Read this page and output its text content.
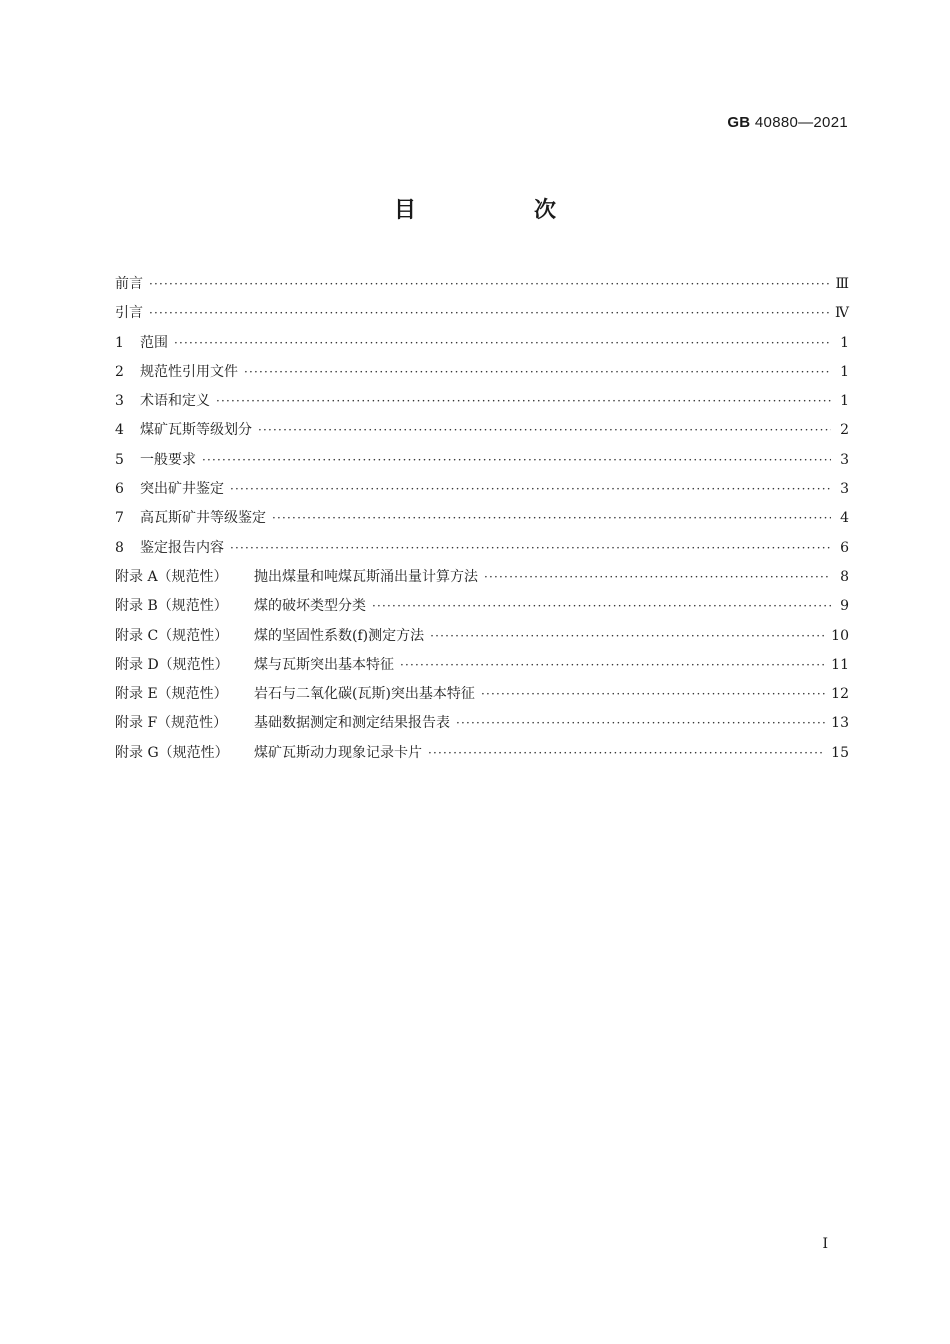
GB 40880—2021
目　次
前言 ·····	Ⅲ
引言 ·····	Ⅳ
1 范围 ·····	1
2 规范性引用文件 ·····	1
3 术语和定义 ·····	1
4 煤矿瓦斯等级划分 ·····	2
5 一般要求 ·····	3
6 突出矿井鉴定 ·····	3
7 高瓦斯矿井等级鉴定 ·····	4
8 鉴定报告内容 ·····	6
附录 A（规范性） 抛出煤量和吨煤瓦斯涌出量计算方法 ·····	8
附录 B（规范性） 煤的破坏类型分类 ·····	9
附录 C（规范性） 煤的坚固性系数(f)测定方法 ·····	10
附录 D（规范性） 煤与瓦斯突出基本特征 ·····	11
附录 E（规范性） 岩石与二氧化碳(瓦斯)突出基本特征 ·····	12
附录 F（规范性） 基础数据测定和测定结果报告表 ·····	13
附录 G（规范性） 煤矿瓦斯动力现象记录卡片 ·····	15
Ⅰ
